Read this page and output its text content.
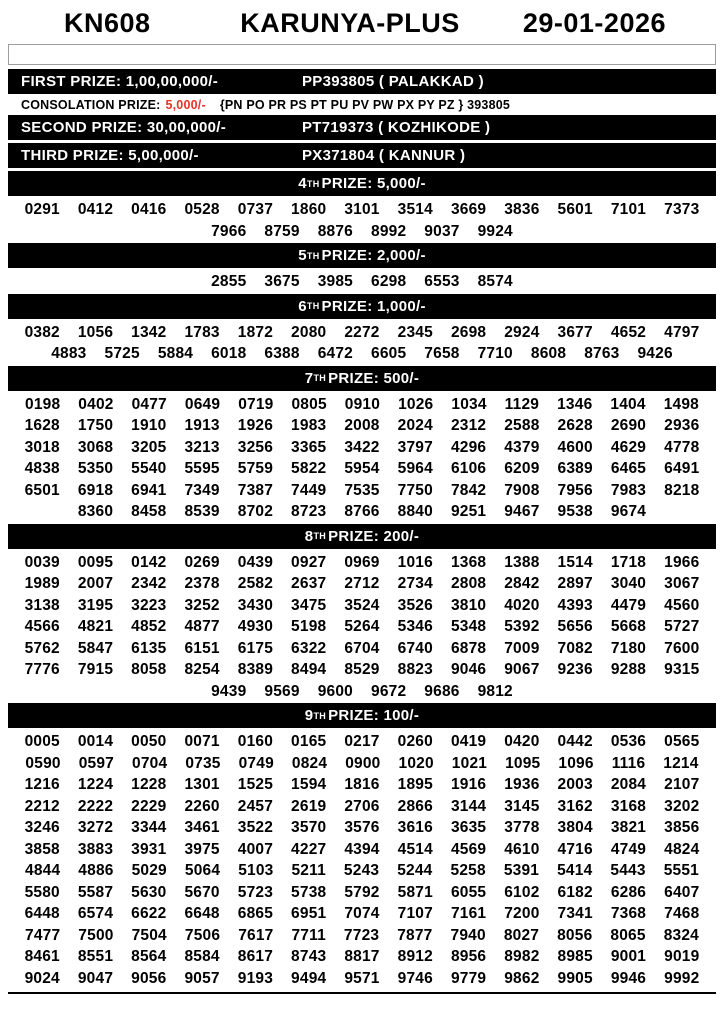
KN608	KARUNYA-PLUS 29-01-2026
FIRST PRIZE: 1,00,00,000/-	PP393805 ( PALAKKAD )
CONSOLATION PRIZE: 5,000/- {PN PO PR PS PT PU PV PW PX PY PZ } 393805
SECOND PRIZE: 30,00,000/-	PT719373 ( KOZHIKODE )
THIRD PRIZE: 5,00,000/-	PX371804 ( KANNUR )
4 TH PRIZE: 5,000/-
0291 0412 0416 0528 0737 1860 3101 3514 3669 3836 5601 7101 7373
7966 8759 8876 8992 9037 9924
5 TH PRIZE: 2,000/-
2855 3675 3985 6298 6553 8574
6 TH PRIZE: 1,000/-
0382 1056 1342 1783 1872 2080 2272 2345 2698 2924 3677 4652 4797
4883 5725 5884 6018 6388 6472 6605 7658 7710 8608 8763 9426
7 TH PRIZE: 500/-
0198 0402 0477 0649 0719 0805 0910 1026 1034 1129 1346 1404 1498
1628 1750 1910 1913 1926 1983 2008 2024 2312 2588 2628 2690 2936
3018 3068 3205 3213 3256 3365 3422 3797 4296 4379 4600 4629 4778
4838 5350 5540 5595 5759 5822 5954 5964 6106 6209 6389 6465 6491
6501 6918 6941 7349 7387 7449 7535 7750 7842 7908 7956 7983 8218
8360 8458 8539 8702 8723 8766 8840 9251 9467 9538 9674
8 TH PRIZE: 200/-
0039 0095 0142 0269 0439 0927 0969 1016 1368 1388 1514 1718 1966
1989 2007 2342 2378 2582 2637 2712 2734 2808 2842 2897 3040 3067
3138 3195 3223 3252 3430 3475 3524 3526 3810 4020 4393 4479 4560
4566 4821 4852 4877 4930 5198 5264 5346 5348 5392 5656 5668 5727
5762 5847 6135 6151 6175 6322 6704 6740 6878 7009 7082 7180 7600
7776 7915 8058 8254 8389 8494 8529 8823 9046 9067 9236 9288 9315
9439 9569 9600 9672 9686 9812
9 TH PRIZE: 100/-
0005 0014 0050 0071 0160 0165 0217 0260 0419 0420 0442 0536 0565
0590 0597 0704 0735 0749 0824 0900 1020 1021 1095 1096 1116 1214
1216 1224 1228 1301 1525 1594 1816 1895 1916 1936 2003 2084 2107
2212 2222 2229 2260 2457 2619 2706 2866 3144 3145 3162 3168 3202
3246 3272 3344 3461 3522 3570 3576 3616 3635 3778 3804 3821 3856
3858 3883 3931 3975 4007 4227 4394 4514 4569 4610 4716 4749 4824
4844 4886 5029 5064 5103 5211 5243 5244 5258 5391 5414 5443 5551
5580 5587 5630 5670 5723 5738 5792 5871 6055 6102 6182 6286 6407
6448 6574 6622 6648 6865 6951 7074 7107 7161 7200 7341 7368 7468
7477 7500 7504 7506 7617 7711 7723 7877 7940 8027 8056 8065 8324
8461 8551 8564 8584 8617 8743 8817 8912 8956 8982 8985 9001 9019
9024 9047 9056 9057 9193 9494 9571 9746 9779 9862 9905 9946 9992
